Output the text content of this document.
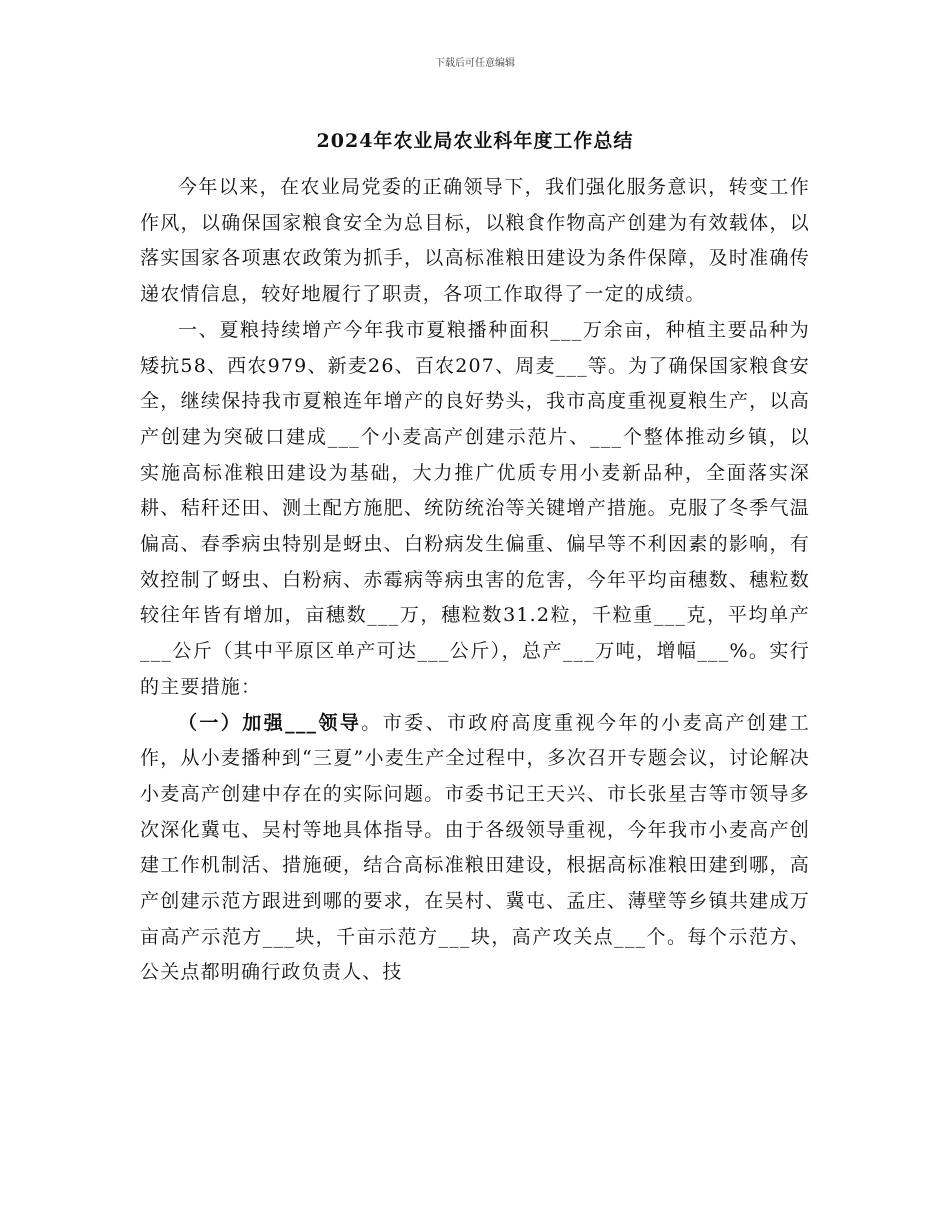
下载后可任意编辑
2024年农业局农业科年度工作总结

今年以来，在农业局党委的正确领导下，我们强化服务意识，转变工作作风，以确保国家粮食安全为总目标，以粮食作物高产创建为有效载体，以落实国家各项惠农政策为抓手，以高标准粮田建设为条件保障，及时准确传递农情信息，较好地履行了职责，各项工作取得了一定的成绩。

一、夏粮持续增产今年我市夏粮播种面积___万余亩，种植主要品种为矮抗58、西农979、新麦26、百农207、周麦___等。为了确保国家粮食安全，继续保持我市夏粮连年增产的良好势头，我市高度重视夏粮生产，以高产创建为突破口建成___个小麦高产创建示范片、___个整体推动乡镇，以实施高标准粮田建设为基础，大力推广优质专用小麦新品种，全面落实深耕、秸秆还田、测土配方施肥、统防统治等关键增产措施。克服了冬季气温偏高、春季病虫特别是蚜虫、白粉病发生偏重、偏早等不利因素的影响，有效控制了蚜虫、白粉病、赤霉病等病虫害的危害，今年平均亩穗数、穗粒数较往年皆有增加，亩穗数___万，穗粒数31.2粒，千粒重___克，平均单产___公斤（其中平原区单产可达___公斤），总产___万吨，增幅___%。实行的主要措施：

（一）加强___领导。市委、市政府高度重视今年的小麦高产创建工作，从小麦播种到“三夏”小麦生产全过程中，多次召开专题会议，讨论解决小麦高产创建中存在的实际问题。市委书记王天兴、市长张星吉等市领导多次深化冀屯、吴村等地具体指导。由于各级领导重视，今年我市小麦高产创建工作机制活、措施硬，结合高标准粮田建设，根据高标准粮田建到哪，高产创建示范方跟进到哪的要求，在吴村、冀屯、孟庄、薄壁等乡镇共建成万亩高产示范方___块，千亩示范方___块，高产攻关点___个。每个示范方、公关点都明确行政负责人、技
